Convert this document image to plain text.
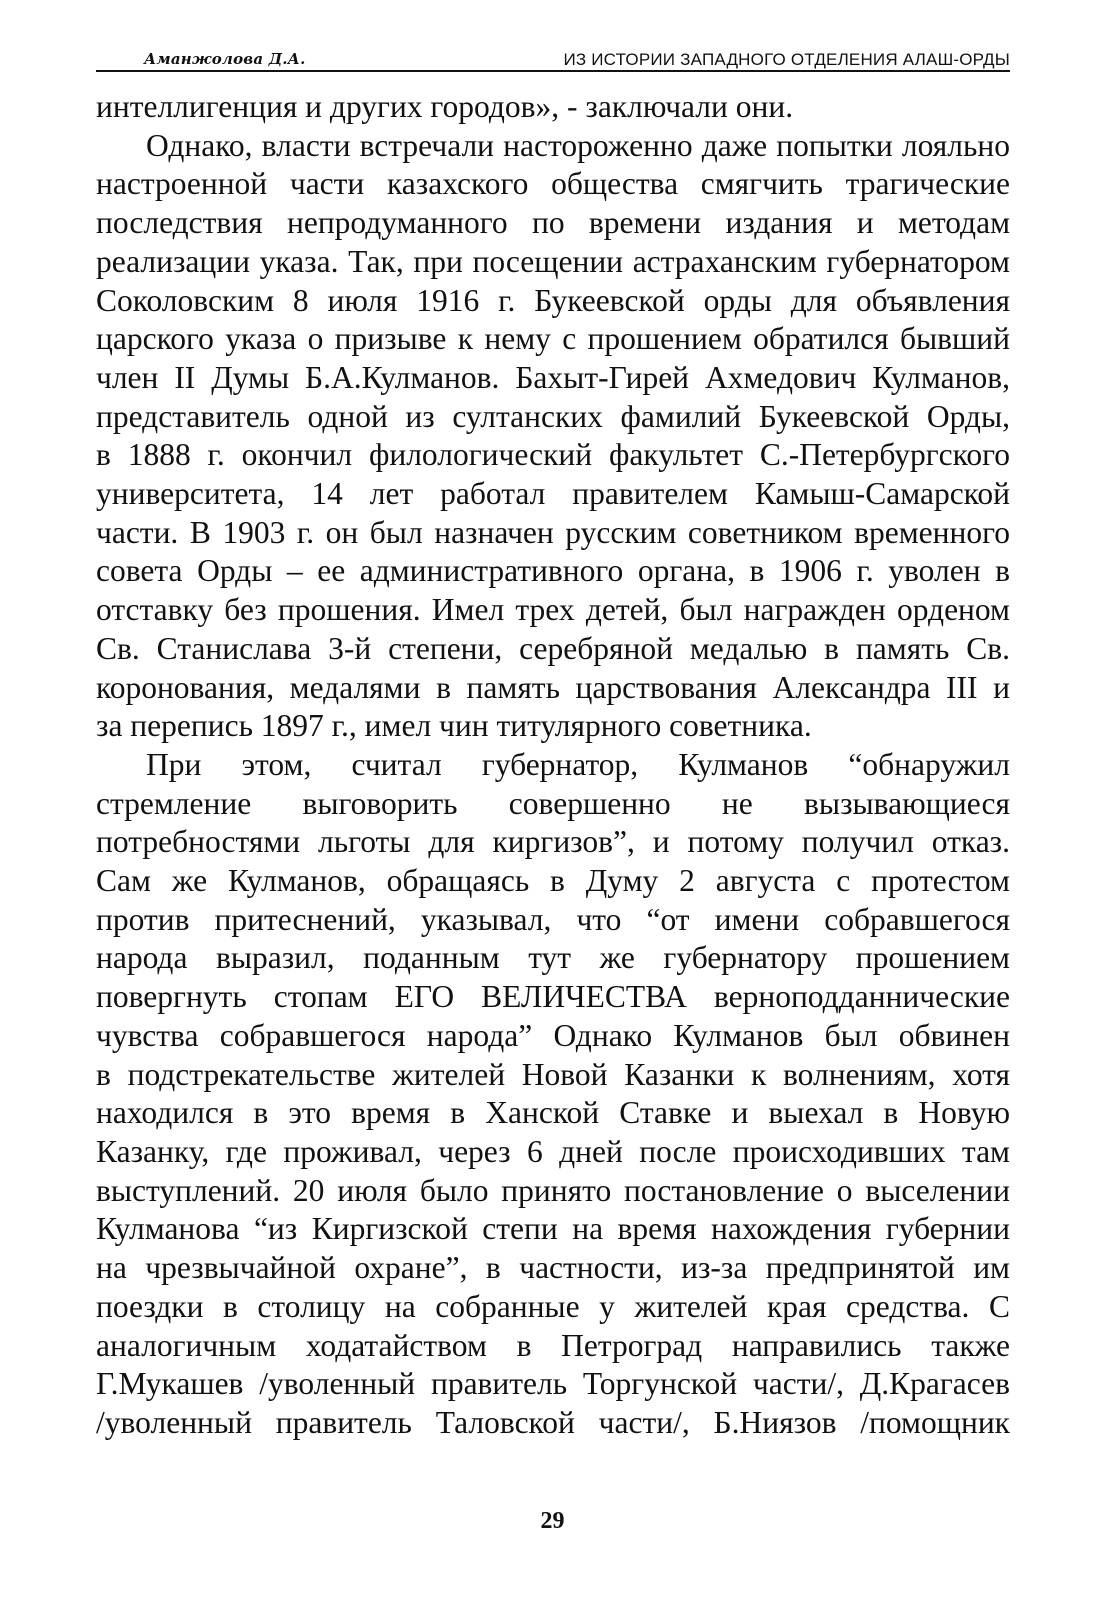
Аманжолова Д.А.	ИЗ ИСТОРИИ ЗАПАДНОГО ОТДЕЛЕНИЯ АЛАШ-ОРДЫ

интеллигенция и других городов», - заключали они.

Однако, власти встречали настороженно даже попытки лояльно
настроенной части казахского общества смягчить трагические
последствия непродуманного по времени издания и методам
реализации указа. Так, при посещении астраханским губернатором
Соколовским 8 июля 1916 г. Букеевской орды для объявления
царского указа о призыве к нему с прошением обратился бывший
член II Думы Б.А.Кулманов. Бахыт-Гирей Ахмедович Кулманов,
представитель одной из султанских фамилий Букеевской Орды,
в 1888 г. окончил филологический факультет С.-Петербургского
университета, 14 лет работал правителем Камыш-Самарской
части. В 1903 г. он был назначен русским советником временного
совета Орды – ее административного органа, в 1906 г. уволен в
отставку без прошения. Имел трех детей, был награжден орденом
Св. Станислава 3-й степени, серебряной медалью в память Св.
коронования, медалями в память царствования Александра III и
за перепись 1897 г., имел чин титулярного советника.

При этом, считал губернатор, Кулманов “обнаружил
стремление выговорить совершенно не вызывающиеся
потребностями льготы для киргизов”, и потому получил отказ.
Сам же Кулманов, обращаясь в Думу 2 августа с протестом
против притеснений, указывал, что “от имени собравшегося
народа выразил, поданным тут же губернатору прошением
повергнуть стопам ЕГО ВЕЛИЧЕСТВА верноподданнические
чувства собравшегося народа” Однако Кулманов был обвинен
в подстрекательстве жителей Новой Казанки к волнениям, хотя
находился в это время в Ханской Ставке и выехал в Новую
Казанку, где проживал, через 6 дней после происходивших там
выступлений. 20 июля было принято постановление о выселении
Кулманова “из Киргизской степи на время нахождения губернии
на чрезвычайной охране”, в частности, из-за предпринятой им
поездки в столицу на собранные у жителей края средства. С
аналогичным ходатайством в Петроград направились также
Г.Мукашев /уволенный правитель Торгунской части/, Д.Крагасев
/уволенный правитель Таловской части/, Б.Ниязов /помощник

29
